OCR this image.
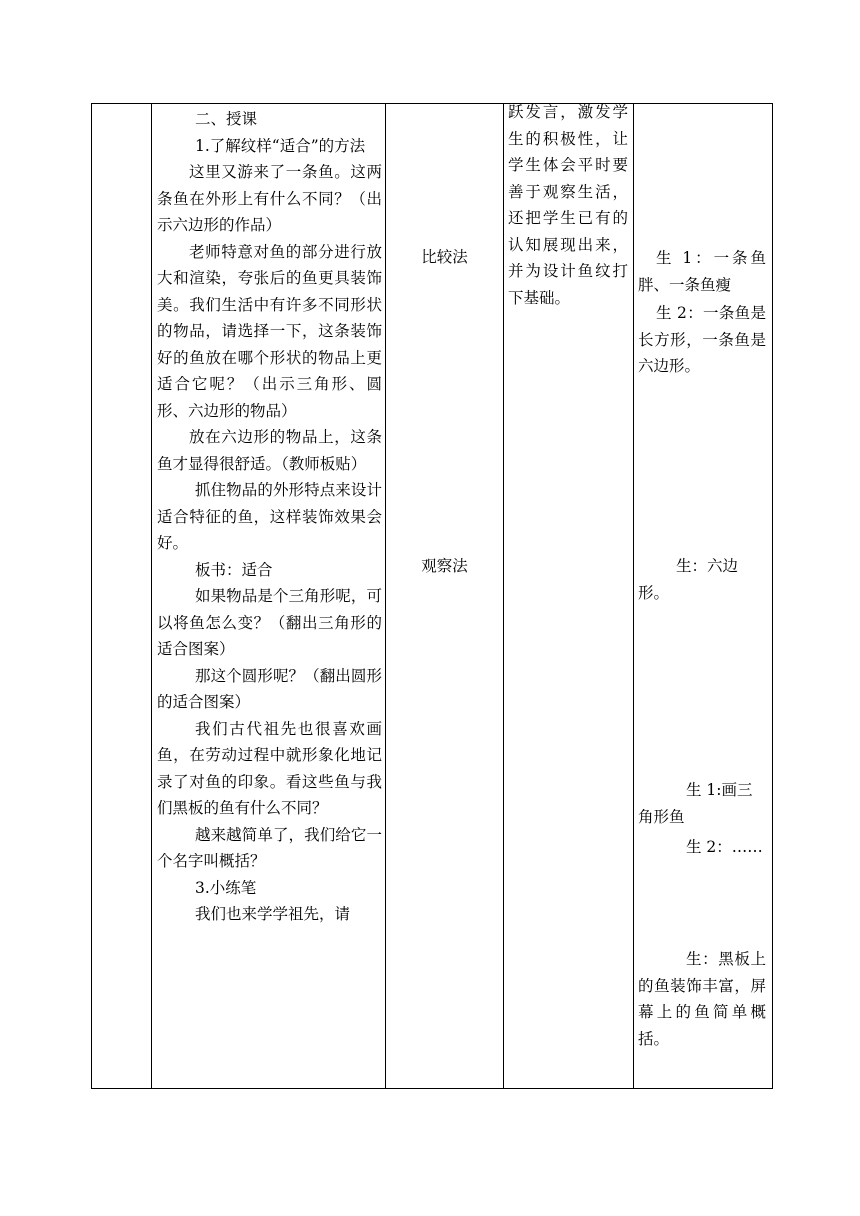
二、授课

1.了解纹样“适合”的方法

这里又游来了一条鱼。这两条鱼在外形上有什么不同？（出示六边形的作品）

老师特意对鱼的部分进行放大和渲染，夸张后的鱼更具装饰美。我们生活中有许多不同形状的物品，请选择一下，这条装饰好的鱼放在哪个形状的物品上更适合它呢？（出示三角形、圆形、六边形的物品）

放在六边形的物品上，这条鱼才显得很舒适。（教师板贴）

抓住物品的外形特点来设计适合特征的鱼，这样装饰效果会好。

板书：适合

如果物品是个三角形呢，可以将鱼怎么变？（翻出三角形的适合图案）

那这个圆形呢？（翻出圆形的适合图案）

我们古代祖先也很喜欢画鱼，在劳动过程中就形象化地记录了对鱼的印象。看这些鱼与我们黑板的鱼有什么不同？

越来越简单了，我们给它一个名字叫概括？

3.小练笔

我们也来学学祖先，请

比较法
观察法
跃发言，激发学生的积极性，让学生体会平时要善于观察生活，还把学生已有的认知展现出来，并为设计鱼纹打下基础。

生 1：一条鱼胖、一条鱼瘦

生 2：一条鱼是长方形，一条鱼是六边形。

生：六边形。

生 1:画三角形鱼

生 2：……

生：黑板上的鱼装饰丰富，屏幕上的鱼简单概括。
